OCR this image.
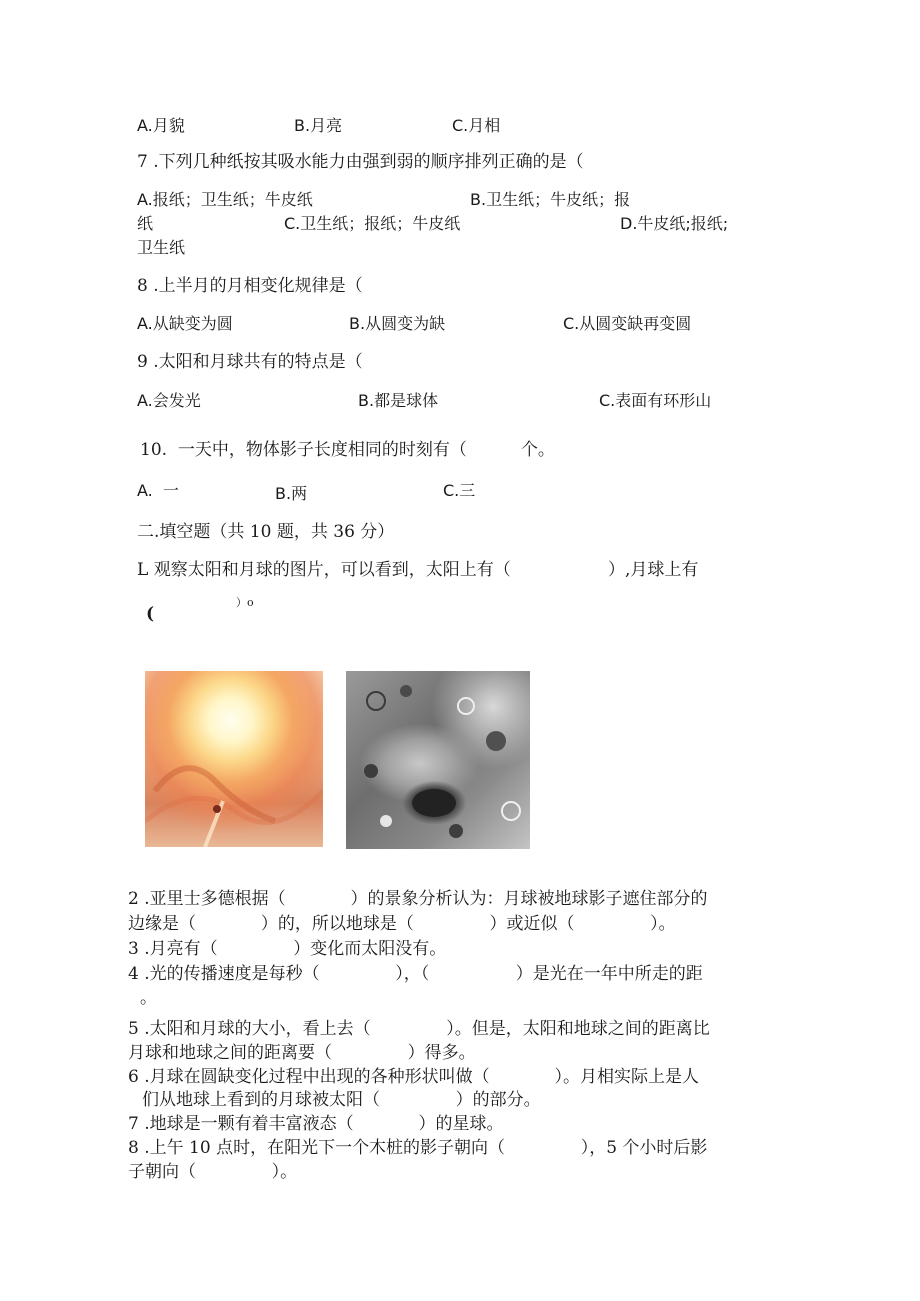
A.月貌	B.月亮	C.月相
7 .下列几种纸按其吸水能力由强到弱的顺序排列正确的是（
A.报纸；卫生纸；牛皮纸	B.卫生纸；牛皮纸；报
纸	C.卫生纸；报纸；牛皮纸	D.牛皮纸;报纸;
卫生纸
8 .上半月的月相变化规律是（
A.从缺变为圆	B.从圆变为缺	C.从圆变缺再变圆
9 .太阳和月球共有的特点是（
A.会发光	B.都是球体	C.表面有环形山
10.  一天中，物体影子长度相同的时刻有（          个。
A.  一	B.两	C.三
二.填空题（共 10 题，共 36 分）
L 观察太阳和月球的图片，可以看到，太阳上有（                  ）,月球上有
(
）o
2 .亚里士多德根据（            ）的景象分析认为：月球被地球影子遮住部分的
边缘是（            ）的，所以地球是（              ）或近似（              ）。
3 .月亮有（              ）变化而太阳没有。
4 .光的传播速度是每秒（              ），（                ）是光在一年中所走的距
。
5 .太阳和月球的大小，看上去（              ）。但是，太阳和地球之间的距离比
月球和地球之间的距离要（              ）得多。
6 .月球在圆缺变化过程中出现的各种形状叫做（            ）。月相实际上是人
们从地球上看到的月球被太阳（              ）的部分。
7 .地球是一颗有着丰富液态（            ）的星球。
8 .上午 10 点时，在阳光下一个木桩的影子朝向（              ），5 个小时后影
子朝向（              ）。
